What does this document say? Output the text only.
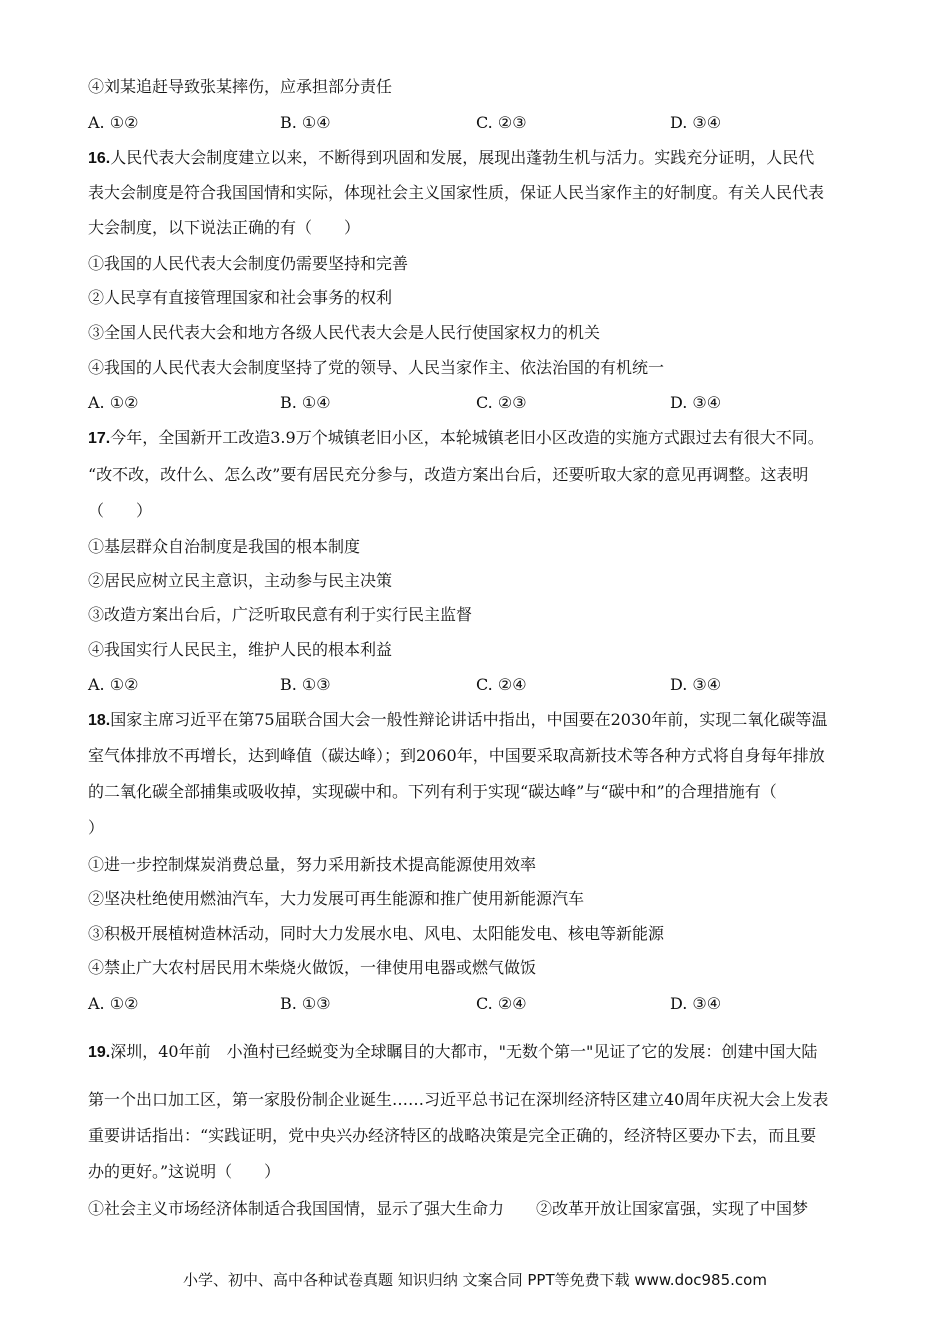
④刘某追赶导致张某摔伤，应承担部分责任
A. ①②	B. ①④	C. ②③	D. ③④
16.人民代表大会制度建立以来，不断得到巩固和发展，展现出蓬勃生机与活力。实践充分证明，人民代
表大会制度是符合我国国情和实际，体现社会主义国家性质，保证人民当家作主的好制度。有关人民代表
大会制度，以下说法正确的有（　　）
①我国的人民代表大会制度仍需要坚持和完善
②人民享有直接管理国家和社会事务的权利
③全国人民代表大会和地方各级人民代表大会是人民行使国家权力的机关
④我国的人民代表大会制度坚持了党的领导、人民当家作主、依法治国的有机统一
A. ①②	B. ①④	C. ②③	D. ③④
17.今年，全国新开工改造3.9万个城镇老旧小区，本轮城镇老旧小区改造的实施方式跟过去有很大不同。
“改不改，改什么、怎么改”要有居民充分参与，改造方案出台后，还要听取大家的意见再调整。这表明
（　　）
①基层群众自治制度是我国的根本制度
②居民应树立民主意识，主动参与民主决策
③改造方案出台后，广泛听取民意有利于实行民主监督
④我国实行人民民主，维护人民的根本利益
A. ①②	B. ①③	C. ②④	D. ③④
18.国家主席习近平在第75届联合国大会一般性辩论讲话中指出，中国要在2030年前，实现二氧化碳等温
室气体排放不再增长，达到峰值（碳达峰）；到2060年，中国要采取高新技术等各种方式将自身每年排放
的二氧化碳全部捕集或吸收掉，实现碳中和。下列有利于实现“碳达峰”与“碳中和”的合理措施有（
）
①进一步控制煤炭消费总量，努力采用新技术提高能源使用效率
②坚决杜绝使用燃油汽车，大力发展可再生能源和推广使用新能源汽车
③积极开展植树造林活动，同时大力发展水电、风电、太阳能发电、核电等新能源
④禁止广大农村居民用木柴烧火做饭，一律使用电器或燃气做饭
A. ①②	B. ①③	C. ②④	D. ③④
19.深圳，40年前　小渔村已经蜕变为全球瞩目的大都市，"无数个第一"见证了它的发展：创建中国大陆
第一个出口加工区，第一家股份制企业诞生……习近平总书记在深圳经济特区建立40周年庆祝大会上发表
重要讲话指出：“实践证明，党中央兴办经济特区的战略决策是完全正确的，经济特区要办下去，而且要
办的更好。”这说明（　　）
①社会主义市场经济体制适合我国国情，显示了强大生命力　　②改革开放让国家富强，实现了中国梦
小学、初中、高中各种试卷真题 知识归纳 文案合同 PPT等免费下载 www.doc985.com
